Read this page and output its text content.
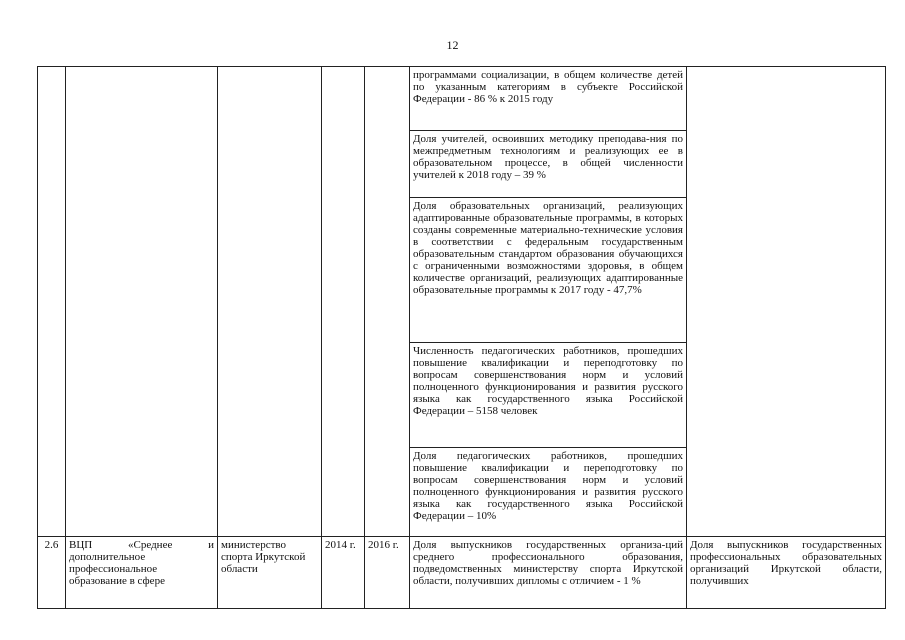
12
					программами социализации, в общем количестве детей по указанным категориям в субъекте Российской Федерации - 86 % к 2015 году	
					Доля учителей, освоивших методику преподава-ния по межпредметным технологиям и реализующих ее в образовательном процессе, в общей численности учителей к 2018 году – 39 %	
					Доля образовательных организаций, реализующих адаптированные образовательные программы, в которых созданы современные материально-технические условия в соответствии с федеральным государственным образовательным стандартом образования обучающихся с ограниченными возможностями здоровья, в общем количестве организаций, реализующих адаптированные образовательные программы к 2017 году - 47,7%	
					Численность педагогических работников, прошедших повышение квалификации и переподготовку по вопросам совершенствования норм и условий полноценного функционирования и развития русского языка как государственного языка Российской Федерации – 5158 человек	
					Доля педагогических работников, прошедших повышение квалификации и переподготовку по вопросам совершенствования норм и условий полноценного функционирования и развития русского языка как государственного языка Российской Федерации – 10%	
2.6	ВЦП «Среднее и дополнительное профессиональное образование в сфере	министерство спорта Иркутской области	2014 г.	2016 г.	Доля выпускников государственных организа-ций среднего профессионального образования, подведомственных министерству спорта Иркутской области, получивших дипломы с отличием - 1 %	Доля выпускников государственных профессиональных образовательных организаций Иркутской области, получивших
